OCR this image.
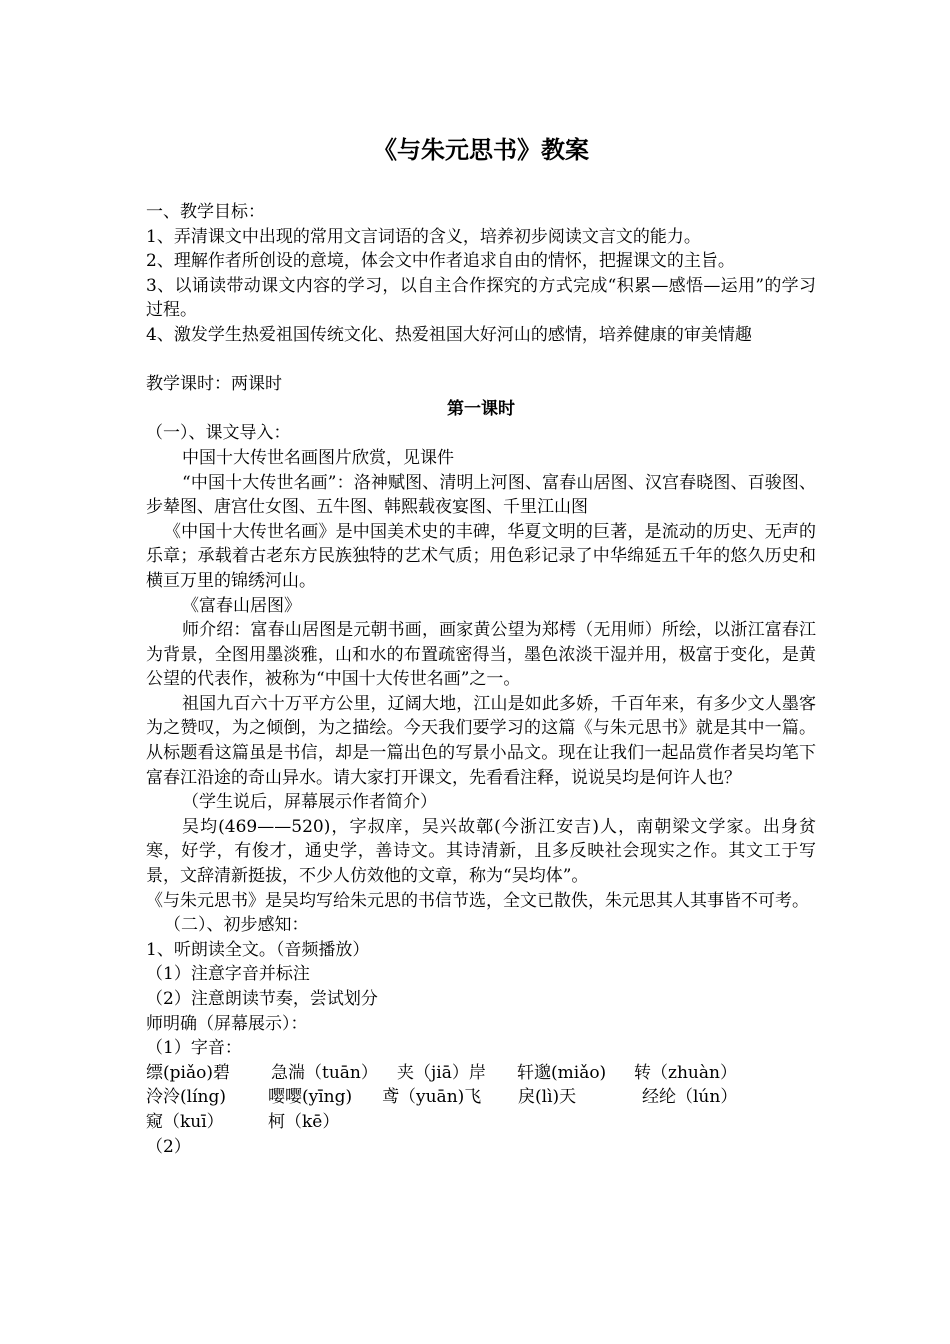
《与朱元思书》教案

一、教学目标：

1、弄清课文中出现的常用文言词语的含义，培养初步阅读文言文的能力。

2、理解作者所创设的意境，体会文中作者追求自由的情怀，把握课文的主旨。

3、以诵读带动课文内容的学习，以自主合作探究的方式完成“积累—感悟—运用”的学习过程。

4、激发学生热爱祖国传统文化、热爱祖国大好河山的感情，培养健康的审美情趣

教学课时：两课时

第一课时

（一）、课文导入：

中国十大传世名画图片欣赏，见课件

“中国十大传世名画”：洛神赋图、清明上河图、富春山居图、汉宫春晓图、百骏图、步辇图、唐宫仕女图、五牛图、韩熙载夜宴图、千里江山图

《中国十大传世名画》是中国美术史的丰碑，华夏文明的巨著，是流动的历史、无声的乐章；承载着古老东方民族独特的艺术气质；用色彩记录了中华绵延五千年的悠久历史和横亘万里的锦绣河山。

《富春山居图》

师介绍：富春山居图是元朝书画，画家黄公望为郑樗（无用师）所绘，以浙江富春江为背景，全图用墨淡雅，山和水的布置疏密得当，墨色浓淡干湿并用，极富于变化，是黄公望的代表作，被称为“中国十大传世名画”之一。

祖国九百六十万平方公里，辽阔大地，江山是如此多娇，千百年来，有多少文人墨客为之赞叹，为之倾倒，为之描绘。今天我们要学习的这篇《与朱元思书》就是其中一篇。从标题看这篇虽是书信，却是一篇出色的写景小品文。现在让我们一起品赏作者吴均笔下富春江沿途的奇山异水。请大家打开课文，先看看注释，说说吴均是何许人也？

（学生说后，屏幕展示作者简介）

吴均(469——520)，字叔庠，吴兴故鄣(今浙江安吉)人，南朝梁文学家。出身贫寒，好学，有俊才，通史学，善诗文。其诗清新，且多反映社会现实之作。其文工于写景，文辞清新挺拔，不少人仿效他的文章，称为“吴均体”。

《与朱元思书》是吴均写给朱元思的书信节选，全文已散佚，朱元思其人其事皆不可考。

（二）、初步感知：

1、听朗读全文。（音频播放）

（1）注意字音并标注

（2）注意朗读节奏，尝试划分

师明确（屏幕展示）：

（1）字音：

缥(piǎo)碧	急湍（tuān）	夹（jiā）岸	轩邈(miǎo)	转（zhuàn）
泠泠(líng)	嘤嘤(yīng)	鸢（yuān)飞	戾(lì)天	经纶（lún）
窥（kuī）	柯（kē）

（2）
